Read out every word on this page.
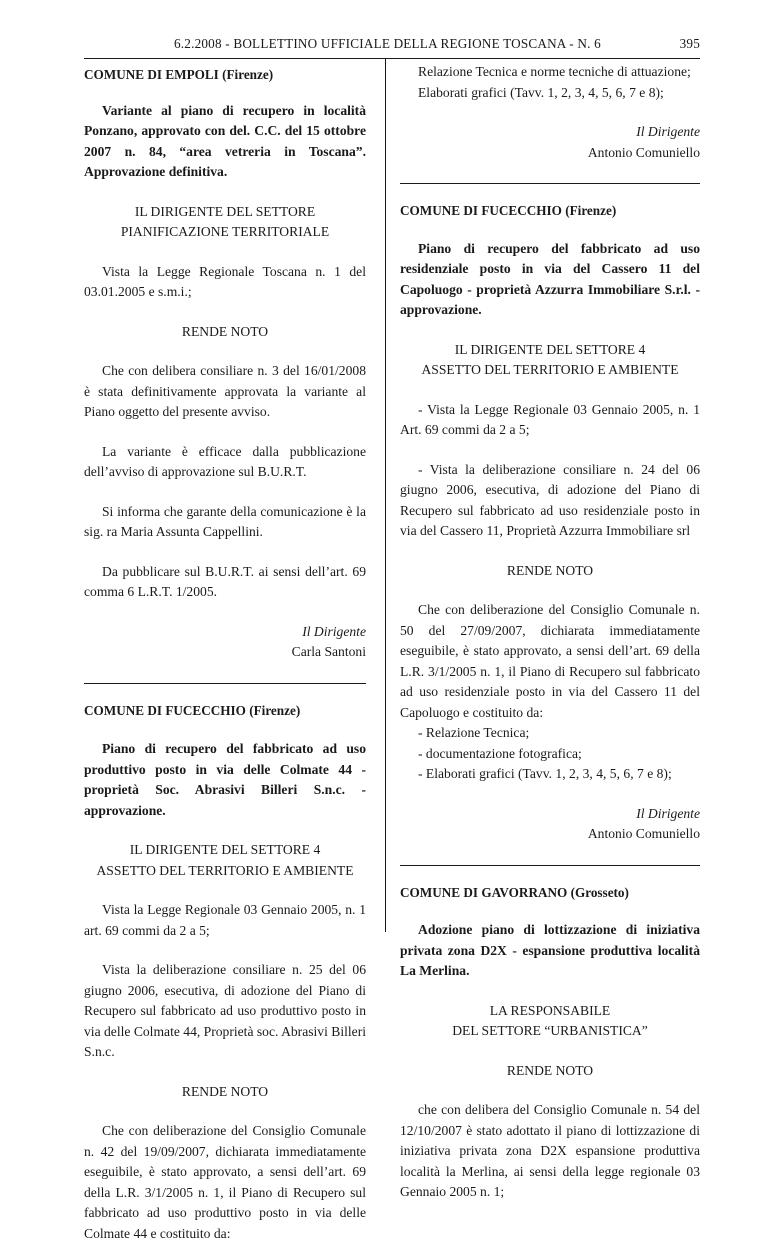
6.2.2008 - BOLLETTINO UFFICIALE DELLA REGIONE TOSCANA - N. 6	395

COMUNE DI EMPOLI (Firenze)

Variante al piano di recupero in località Ponzano, approvato con del. C.C. del 15 ottobre 2007 n. 84, “area vetreria in Toscana”. Approvazione definitiva.

IL DIRIGENTE DEL SETTORE

PIANIFICAZIONE TERRITORIALE

Vista la Legge Regionale Toscana n. 1 del 03.01.2005 e s.m.i.;

RENDE NOTO

Che con delibera consiliare n. 3 del 16/01/2008 è stata definitivamente approvata la variante al Piano oggetto del presente avviso.

La variante è efficace dalla pubblicazione dell’avviso di approvazione sul B.U.R.T.

Si informa che garante della comunicazione è la sig. ra Maria Assunta Cappellini.

Da pubblicare sul B.U.R.T. ai sensi dell’art. 69 comma 6 L.R.T. 1/2005.

Il Dirigente

Carla Santoni

COMUNE DI FUCECCHIO (Firenze)

Piano di recupero del fabbricato ad uso produttivo posto in via delle Colmate 44 - proprietà Soc. Abrasivi Billeri S.n.c. - approvazione.

IL DIRIGENTE DEL SETTORE 4

ASSETTO DEL TERRITORIO E AMBIENTE

Vista la Legge Regionale 03 Gennaio 2005, n. 1 art. 69 commi da 2 a 5;

Vista la deliberazione consiliare n. 25 del 06 giugno 2006, esecutiva, di adozione del Piano di Recupero sul fabbricato ad uso produttivo posto in via delle Colmate 44, Proprietà soc. Abrasivi Billeri S.n.c.

RENDE NOTO

Che con deliberazione del Consiglio Comunale n. 42 del 19/09/2007, dichiarata immediatamente eseguibile, è stato approvato, a sensi dell’art. 69 della L.R. 3/1/2005 n. 1, il Piano di Recupero sul fabbricato ad uso produttivo posto in via delle Colmate 44 e costituito da:

Relazione Tecnica e norme tecniche di attuazione;

Elaborati grafici (Tavv. 1, 2, 3, 4, 5, 6, 7 e 8);

Il Dirigente

Antonio Comuniello

COMUNE DI FUCECCHIO (Firenze)

Piano di recupero del fabbricato ad uso residenziale posto in via del Cassero 11 del Capoluogo - proprietà Azzurra Immobiliare S.r.l. - approvazione.

IL DIRIGENTE DEL SETTORE 4

ASSETTO DEL TERRITORIO E AMBIENTE

- Vista la Legge Regionale 03 Gennaio 2005, n. 1 Art. 69 commi da 2 a 5;

- Vista la deliberazione consiliare n. 24 del 06 giugno 2006, esecutiva, di adozione del Piano di Recupero sul fabbricato ad uso residenziale posto in via del Cassero 11, Proprietà Azzurra Immobiliare srl

RENDE NOTO

Che con deliberazione del Consiglio Comunale n. 50 del 27/09/2007, dichiarata immediatamente eseguibile, è stato approvato, a sensi dell’art. 69 della L.R. 3/1/2005 n. 1, il Piano di Recupero sul fabbricato ad uso residenziale posto in via del Cassero 11 del Capoluogo e costituito da:

- Relazione Tecnica;

- documentazione fotografica;

- Elaborati grafici (Tavv. 1, 2, 3, 4, 5, 6, 7 e 8);

Il Dirigente

Antonio Comuniello

COMUNE DI GAVORRANO (Grosseto)

Adozione piano di lottizzazione di iniziativa privata zona D2X - espansione produttiva località La Merlina.

LA RESPONSABILE

DEL SETTORE “URBANISTICA”

RENDE NOTO

che con delibera del Consiglio Comunale n. 54 del 12/10/2007 è stato adottato il piano di lottizzazione di iniziativa privata zona D2X espansione produttiva località la Merlina, ai sensi della legge regionale 03 Gennaio 2005 n. 1;
